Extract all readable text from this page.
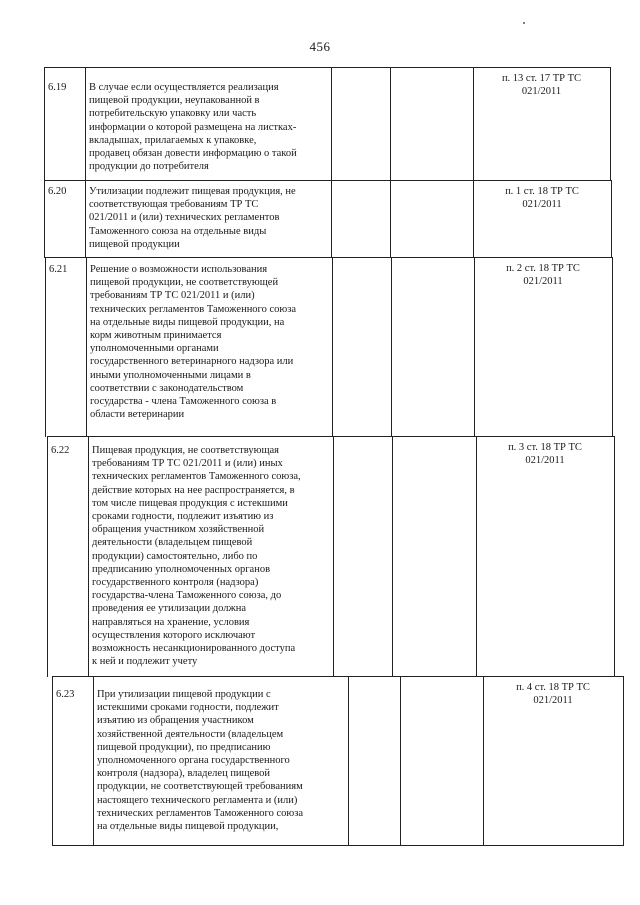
456
6.19 В случае если осуществляется реализация
пищевой продукции, неупакованной в
потребительскую упаковку или часть
информации о которой размещена на листках-
вкладышах, прилагаемых к упаковке,
продавец обязан довести информацию о такой
продукции до потребителя
п. 13 ст. 17 ТР ТС
021/2011
6.20 Утилизации подлежит пищевая продукция, не
соответствующая требованиям ТР ТС
021/2011 и (или) технических регламентов
Таможенного союза на отдельные виды
пищевой продукции
п. 1 ст. 18 ТР ТС
021/2011
6.21 Решение о возможности использования
пищевой продукции, не соответствующей
требованиям ТР ТС 021/2011 и (или)
технических регламентов Таможенного союза
на отдельные виды пищевой продукции, на
корм животным принимается
уполномоченными органами
государственного ветеринарного надзора или
иными уполномоченными лицами в
соответствии с законодательством
государства - члена Таможенного союза в
области ветеринарии
п. 2 ст. 18 ТР ТС
021/2011
6.22 Пищевая продукция, не соответствующая
требованиям ТР ТС 021/2011 и (или) иных
технических регламентов Таможенного союза,
действие которых на нее распространяется, в
том числе пищевая продукция с истекшими
сроками годности, подлежит изъятию из
обращения участником хозяйственной
деятельности (владельцем пищевой
продукции) самостоятельно, либо по
предписанию уполномоченных органов
государственного контроля (надзора)
государства-члена Таможенного союза, до
проведения ее утилизации должна
направляться на хранение, условия
осуществления которого исключают
возможность несанкционированного доступа
к ней и подлежит учету
п. 3 ст. 18 ТР ТС
021/2011
6.23 При утилизации пищевой продукции с
истекшими сроками годности, подлежит
изъятию из обращения участником
хозяйственной деятельности (владельцем
пищевой продукции), по предписанию
уполномоченного органа государственного
контроля (надзора), владелец пищевой
продукции, не соответствующей требованиям
настоящего технического регламента и (или)
технических регламентов Таможенного союза
на отдельные виды пищевой продукции,
п. 4 ст. 18 ТР ТС
021/2011
